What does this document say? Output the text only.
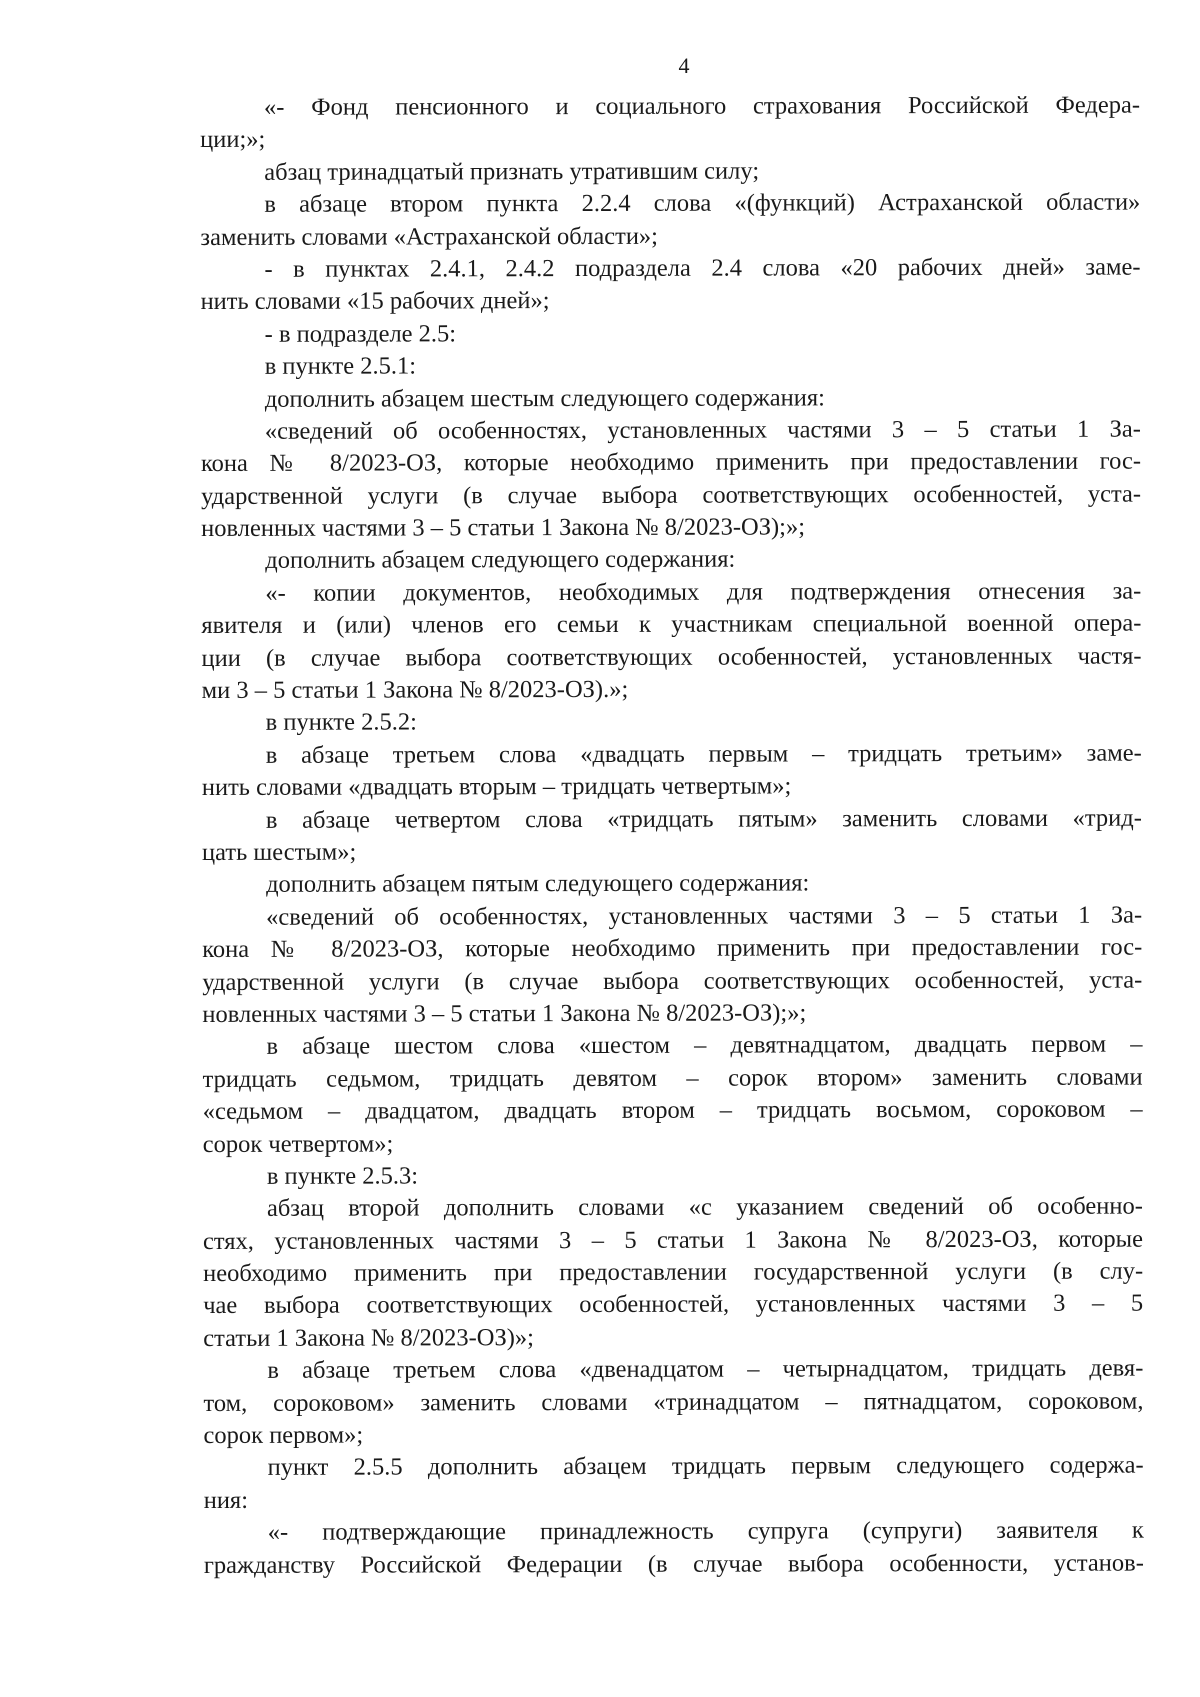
4
«- Фонд пенсионного и социального страхования Российской Федера-
ции;»;
абзац тринадцатый признать утратившим силу;
в абзаце втором пункта 2.2.4 слова «(функций) Астраханской области»
заменить словами «Астраханской области»;
- в пунктах 2.4.1, 2.4.2 подраздела 2.4 слова «20 рабочих дней» заме-
нить словами «15 рабочих дней»;
- в подразделе 2.5:
в пункте 2.5.1:
дополнить абзацем шестым следующего содержания:
«сведений об особенностях, установленных частями 3 – 5 статьи 1 За-
кона № 8/2023-ОЗ, которые необходимо применить при предоставлении гос-
ударственной услуги (в случае выбора соответствующих особенностей, уста-
новленных частями 3 – 5 статьи 1 Закона № 8/2023-ОЗ);»;
дополнить абзацем следующего содержания:
«- копии документов, необходимых для подтверждения отнесения за-
явителя и (или) членов его семьи к участникам специальной военной опера-
ции (в случае выбора соответствующих особенностей, установленных частя-
ми 3 – 5 статьи 1 Закона № 8/2023-ОЗ).»;
в пункте 2.5.2:
в абзаце третьем слова «двадцать первым – тридцать третьим» заме-
нить словами «двадцать вторым – тридцать четвертым»;
в абзаце четвертом слова «тридцать пятым» заменить словами «трид-
цать шестым»;
дополнить абзацем пятым следующего содержания:
«сведений об особенностях, установленных частями 3 – 5 статьи 1 За-
кона № 8/2023-ОЗ, которые необходимо применить при предоставлении гос-
ударственной услуги (в случае выбора соответствующих особенностей, уста-
новленных частями 3 – 5 статьи 1 Закона № 8/2023-ОЗ);»;
в абзаце шестом слова «шестом – девятнадцатом, двадцать первом –
тридцать седьмом, тридцать девятом – сорок втором» заменить словами
«седьмом – двадцатом, двадцать втором – тридцать восьмом, сороковом –
сорок четвертом»;
в пункте 2.5.3:
абзац второй дополнить словами «с указанием сведений об особенно-
стях, установленных частями 3 – 5 статьи 1 Закона № 8/2023-ОЗ, которые
необходимо применить при предоставлении государственной услуги (в слу-
чае выбора соответствующих особенностей, установленных частями 3 – 5
статьи 1 Закона № 8/2023-ОЗ)»;
в абзаце третьем слова «двенадцатом – четырнадцатом, тридцать девя-
том, сороковом» заменить словами «тринадцатом – пятнадцатом, сороковом,
сорок первом»;
пункт 2.5.5 дополнить абзацем тридцать первым следующего содержа-
ния:
«- подтверждающие принадлежность супруга (супруги) заявителя к
гражданству Российской Федерации (в случае выбора особенности, установ-
